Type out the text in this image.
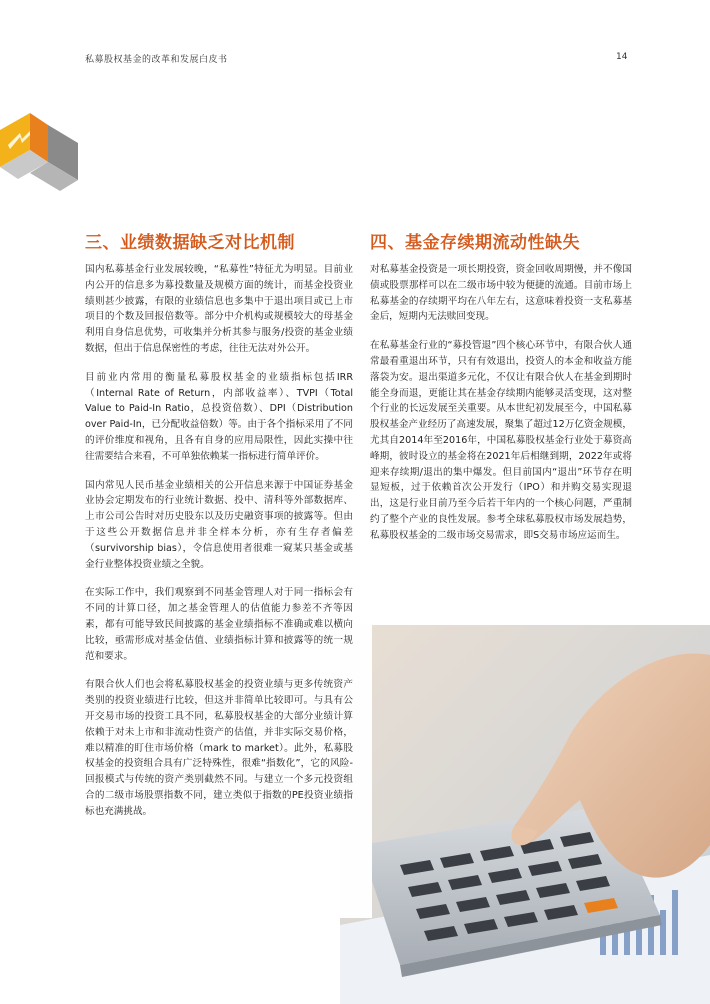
私募股权基金的改革和发展白皮书	14
三、业绩数据缺乏对比机制	四、基金存续期流动性缺失

国内私募基金行业发展较晚，“私募性”特征尤为明显。目前业内公开的信息多为募投数量及规模方面的统计，而基金投资业绩则甚少披露，有限的业绩信息也多集中于退出项目或已上市项目的个数及回报倍数等。部分中介机构或规模较大的母基金利用自身信息优势，可收集并分析其参与服务/投资的基金业绩数据，但出于信息保密性的考虑，往往无法对外公开。

目前业内常用的衡量私募股权基金的业绩指标包括IRR（Internal Rate of Return，内部收益率）、TVPI（Total Value to Paid-In Ratio，总投资倍数）、DPI（Distribution over Paid-In，已分配收益倍数）等。由于各个指标采用了不同的评价维度和视角，且各有自身的应用局限性，因此实操中往往需要结合来看，不可单独依赖某一指标进行简单评价。

国内常见人民币基金业绩相关的公开信息来源于中国证券基金业协会定期发布的行业统计数据、投中、清科等外部数据库、上市公司公告时对历史股东以及历史融资事项的披露等。但由于这些公开数据信息并非全样本分析，亦有生存者偏差（survivorship bias），令信息使用者很难一窥某只基金或基金行业整体投资业绩之全貌。

在实际工作中，我们观察到不同基金管理人对于同一指标会有不同的计算口径，加之基金管理人的估值能力参差不齐等因素，都有可能导致民间披露的基金业绩指标不准确或难以横向比较，亟需形成对基金估值、业绩指标计算和披露等的统一规范和要求。

有限合伙人们也会将私募股权基金的投资业绩与更多传统资产类别的投资业绩进行比较，但这并非简单比较即可。与具有公开交易市场的投资工具不同，私募股权基金的大部分业绩计算依赖于对未上市和非流动性资产的估值，并非实际交易价格，难以精准的盯住市场价格（mark to market）。此外，私募股权基金的投资组合具有广泛特殊性，很难“指数化”，它的风险-回报模式与传统的资产类别截然不同。与建立一个多元投资组合的二级市场股票指数不同，建立类似于指数的PE投资业绩指标也充满挑战。

对私募基金投资是一项长期投资，资金回收周期慢，并不像国债或股票那样可以在二级市场中较为便捷的流通。目前市场上私募基金的存续期平均在八年左右，这意味着投资一支私募基金后，短期内无法赎回变现。

在私募基金行业的“募投管退”四个核心环节中，有限合伙人通常最看重退出环节，只有有效退出，投资人的本金和收益方能落袋为安。退出渠道多元化，不仅让有限合伙人在基金到期时能全身而退，更能让其在基金存续期内能够灵活变现，这对整个行业的长远发展至关重要。从本世纪初发展至今，中国私募股权基金产业经历了高速发展，聚集了超过12万亿资金规模，尤其自2014年至2016年，中国私募股权基金行业处于募资高峰期，彼时设立的基金将在2021年后相继到期，2022年或将迎来存续期/退出的集中爆发。但目前国内“退出”环节存在明显短板，过于依赖首次公开发行（IPO）和并购交易实现退出，这是行业目前乃至今后若干年内的一个核心问题，严重制约了整个产业的良性发展。参考全球私募股权市场发展趋势，私募股权基金的二级市场交易需求，即S交易市场应运而生。
